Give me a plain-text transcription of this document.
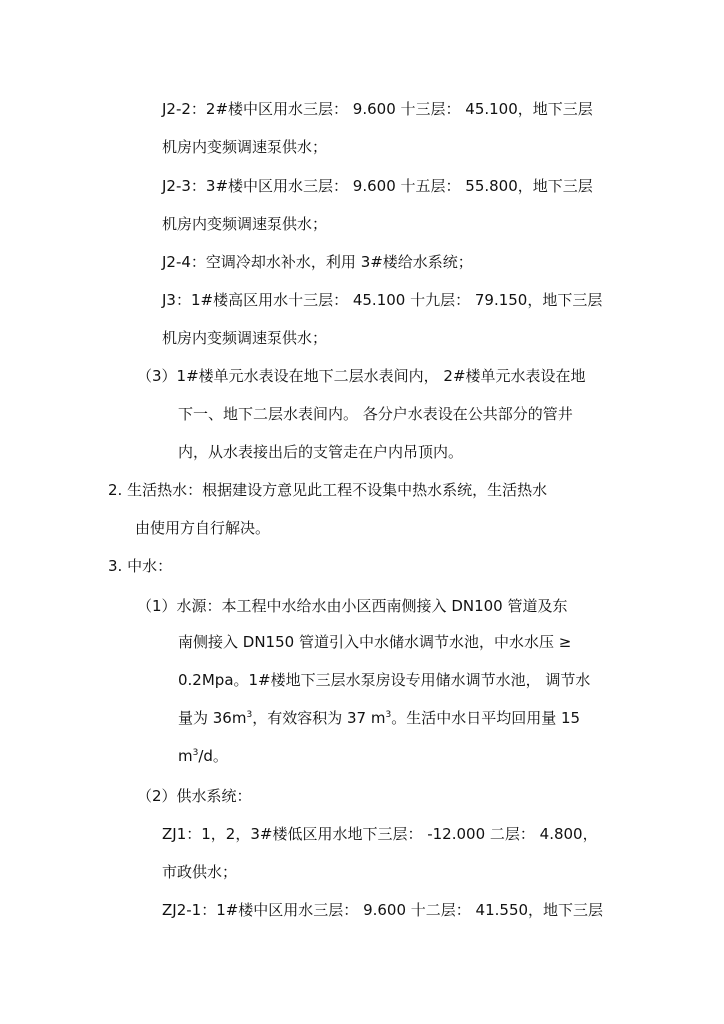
J2-2：2#楼中区用水三层： 9.600 十三层： 45.100，地下三层
机房内变频调速泵供水；
J2-3：3#楼中区用水三层： 9.600 十五层： 55.800，地下三层
机房内变频调速泵供水；
J2-4：空调冷却水补水，利用 3#楼给水系统；
J3：1#楼高区用水十三层： 45.100 十九层： 79.150，地下三层
机房内变频调速泵供水；
（3）1#楼单元水表设在地下二层水表间内， 2#楼单元水表设在地
下一、地下二层水表间内。 各分户水表设在公共部分的管井
内，从水表接出后的支管走在户内吊顶内。
2. 生活热水：根据建设方意见此工程不设集中热水系统，生活热水
由使用方自行解决。
3. 中水：
（1）水源：本工程中水给水由小区西南侧接入 DN100 管道及东
南侧接入 DN150 管道引入中水储水调节水池，中水水压 ≥
0.2Mpa。1#楼地下三层水泵房设专用储水调节水池， 调节水
量为 $36m^3$，有效容积为 37 $m^3$。生活中水日平均回用量 15
$m^3/d$。
（2）供水系统：
ZJ1：1，2，3#楼低区用水地下三层： -12.000 二层： 4.800，
市政供水；
ZJ2-1：1#楼中区用水三层： 9.600 十二层： 41.550，地下三层
